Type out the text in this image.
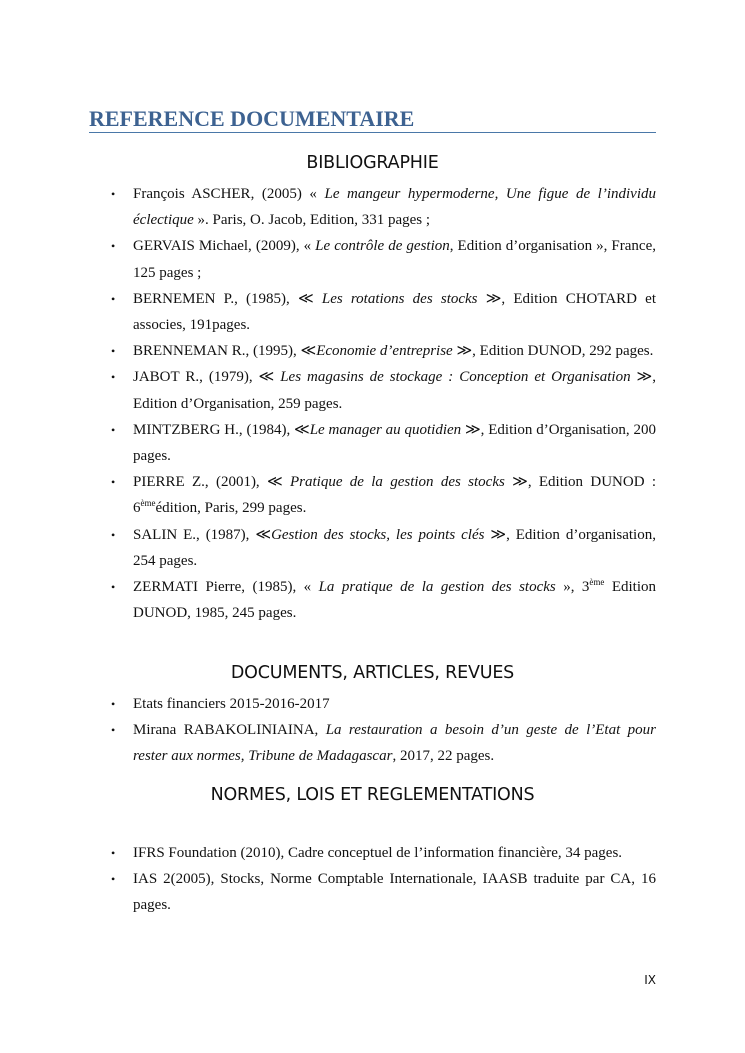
REFERENCE DOCUMENTAIRE
BIBLIOGRAPHIE
• François ASCHER, (2005) « Le mangeur hypermoderne, Une figue de l’individu éclectique ». Paris, O. Jacob, Edition, 331 pages ;
• GERVAIS Michael, (2009), « Le contrôle de gestion, Edition d’organisation », France, 125 pages ;
• BERNEMEN P., (1985), ≪ Les rotations des stocks ≫, Edition CHOTARD et associes, 191pages.
• BRENNEMAN R., (1995), ≪Economie d’entreprise ≫, Edition DUNOD, 292 pages.
• JABOT R., (1979), ≪ Les magasins de stockage : Conception et Organisation ≫, Edition d’Organisation, 259 pages.
• MINTZBERG H., (1984), ≪Le manager au quotidien ≫, Edition d’Organisation, 200 pages.
• PIERRE Z., (2001), ≪ Pratique de la gestion des stocks ≫, Edition DUNOD : 6èmeédition, Paris, 299 pages.
• SALIN E., (1987), ≪Gestion des stocks, les points clés ≫, Edition d’organisation, 254 pages.
• ZERMATI Pierre, (1985), « La pratique de la gestion des stocks », 3ème Edition DUNOD, 1985, 245 pages.
DOCUMENTS, ARTICLES, REVUES
• Etats financiers 2015-2016-2017
• Mirana RABAKOLINIAINA, La restauration a besoin d’un geste de l’Etat pour rester aux normes, Tribune de Madagascar, 2017, 22 pages.
NORMES, LOIS ET REGLEMENTATIONS
• IFRS Foundation (2010), Cadre conceptuel de l’information financière, 34 pages.
• IAS 2(2005), Stocks, Norme Comptable Internationale, IAASB traduite par CA, 16 pages.
IX
